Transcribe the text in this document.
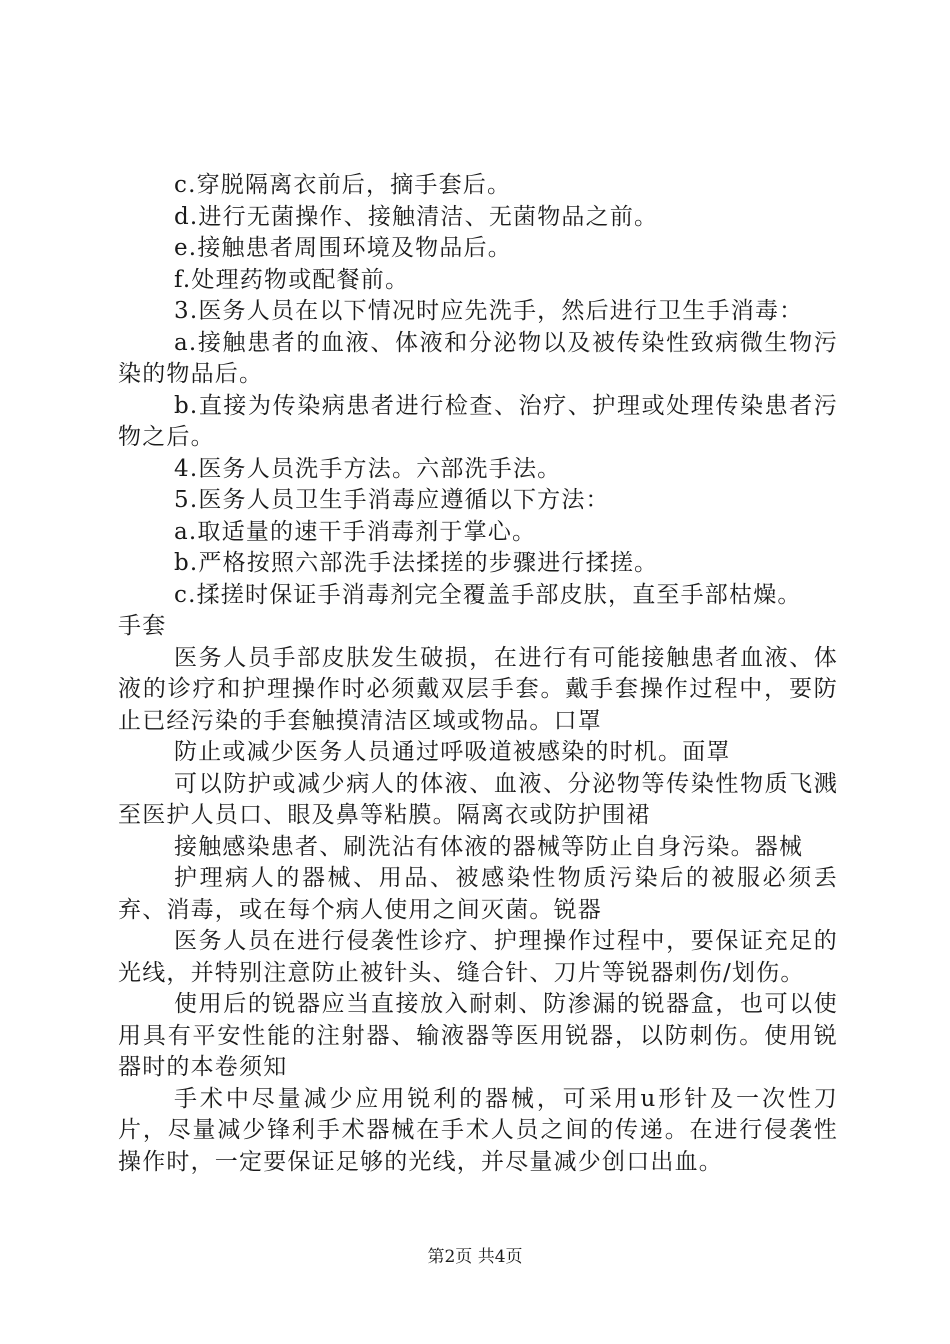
c.穿脱隔离衣前后，摘手套后。

d.进行无菌操作、接触清洁、无菌物品之前。

e.接触患者周围环境及物品后。

f.处理药物或配餐前。

3.医务人员在以下情况时应先洗手，然后进行卫生手消毒：

a.接触患者的血液、体液和分泌物以及被传染性致病微生物污染的物品后。

b.直接为传染病患者进行检查、治疗、护理或处理传染患者污物之后。

4.医务人员洗手方法。六部洗手法。

5.医务人员卫生手消毒应遵循以下方法：

a.取适量的速干手消毒剂于掌心。

b.严格按照六部洗手法揉搓的步骤进行揉搓。

c.揉搓时保证手消毒剂完全覆盖手部皮肤，直至手部枯燥。

手套

医务人员手部皮肤发生破损，在进行有可能接触患者血液、体液的诊疗和护理操作时必须戴双层手套。戴手套操作过程中，要防止已经污染的手套触摸清洁区域或物品。口罩

防止或减少医务人员通过呼吸道被感染的时机。面罩

可以防护或减少病人的体液、血液、分泌物等传染性物质飞溅至医护人员口、眼及鼻等粘膜。隔离衣或防护围裙

接触感染患者、刷洗沾有体液的器械等防止自身污染。器械

护理病人的器械、用品、被感染性物质污染后的被服必须丢弃、消毒，或在每个病人使用之间灭菌。锐器

医务人员在进行侵袭性诊疗、护理操作过程中，要保证充足的光线，并特别注意防止被针头、缝合针、刀片等锐器刺伤/划伤。

使用后的锐器应当直接放入耐刺、防渗漏的锐器盒，也可以使用具有平安性能的注射器、输液器等医用锐器，以防刺伤。使用锐器时的本卷须知

手术中尽量减少应用锐利的器械，可采用u形针及一次性刀片，尽量减少锋利手术器械在手术人员之间的传递。在进行侵袭性操作时，一定要保证足够的光线，并尽量减少创口出血。

第2页 共4页
